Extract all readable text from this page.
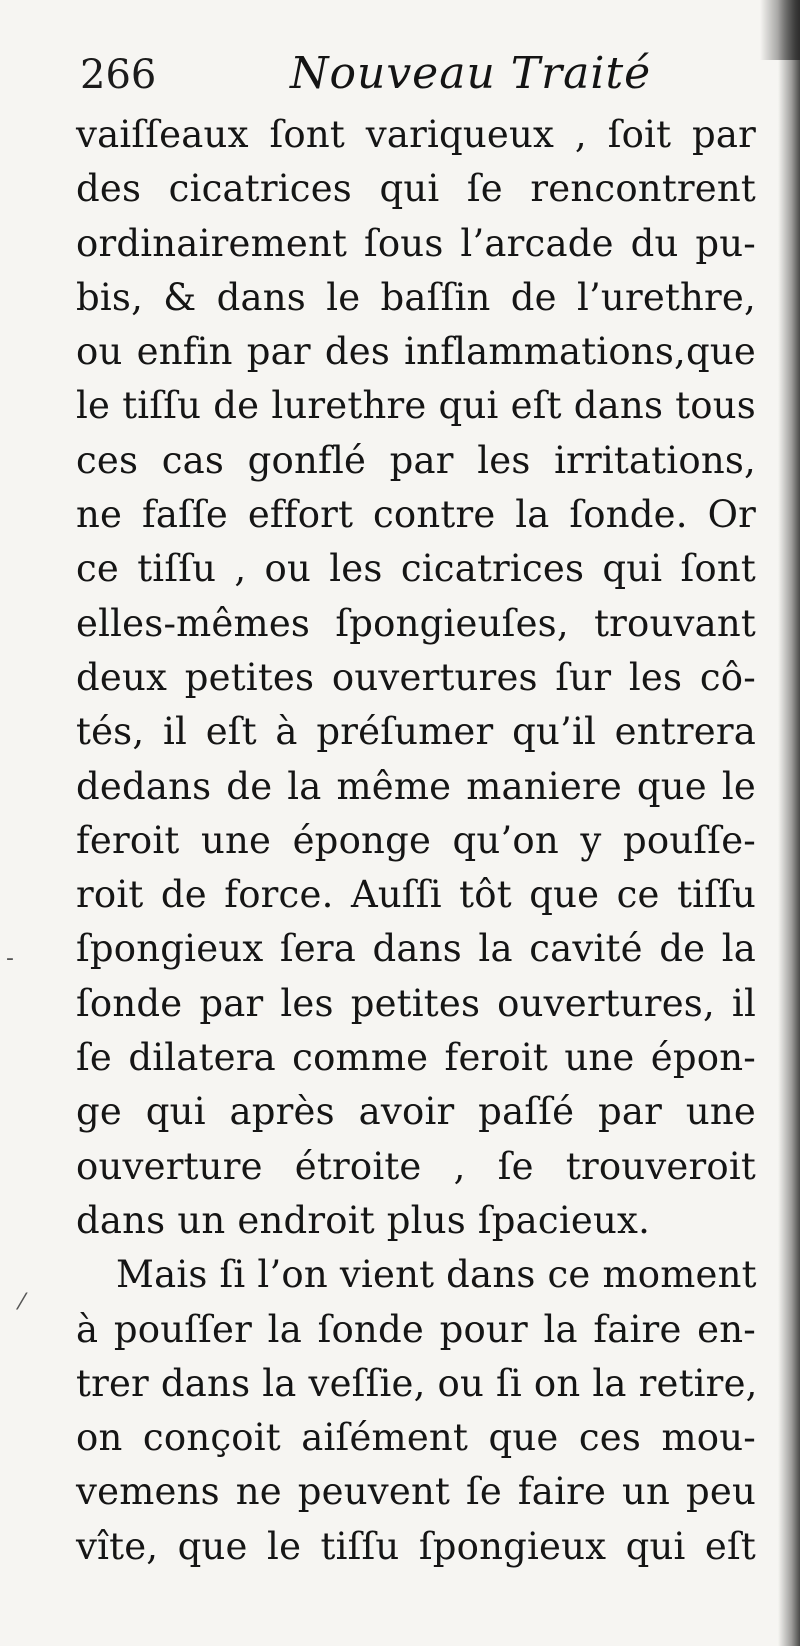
266	Nouveau Traité
vaiſſeaux ſont variqueux , ſoit par
des cicatrices qui ſe rencontrent
ordinairement ſous l’arcade du pu-
bis, & dans le baſſin de l’urethre,
ou enfin par des inflammations,que
le tiſſu de lurethre qui eſt dans tous
ces cas gonflé par les irritations,
ne faſſe effort contre la ſonde. Or
ce tiſſu , ou les cicatrices qui ſont
elles-mêmes ſpongieuſes, trouvant
deux petites ouvertures ſur les cô-
tés, il eſt à préſumer qu’il entrera
dedans de la même maniere que le
feroit une éponge qu’on y pouſſe-
roit de force. Auſſi tôt que ce tiſſu
ſpongieux ſera dans la cavité de la
ſonde par les petites ouvertures, il
ſe dilatera comme feroit une épon-
ge qui après avoir paſſé par une
ouverture étroite , ſe trouveroit
dans un endroit plus ſpacieux.
Mais ſi l’on vient dans ce moment
à pouſſer la ſonde pour la faire en-
trer dans la veſſie, ou ſi on la retire,
on conçoit aiſément que ces mou-
vemens ne peuvent ſe faire un peu
vîte, que le tiſſu ſpongieux qui eſt
-
⁄
